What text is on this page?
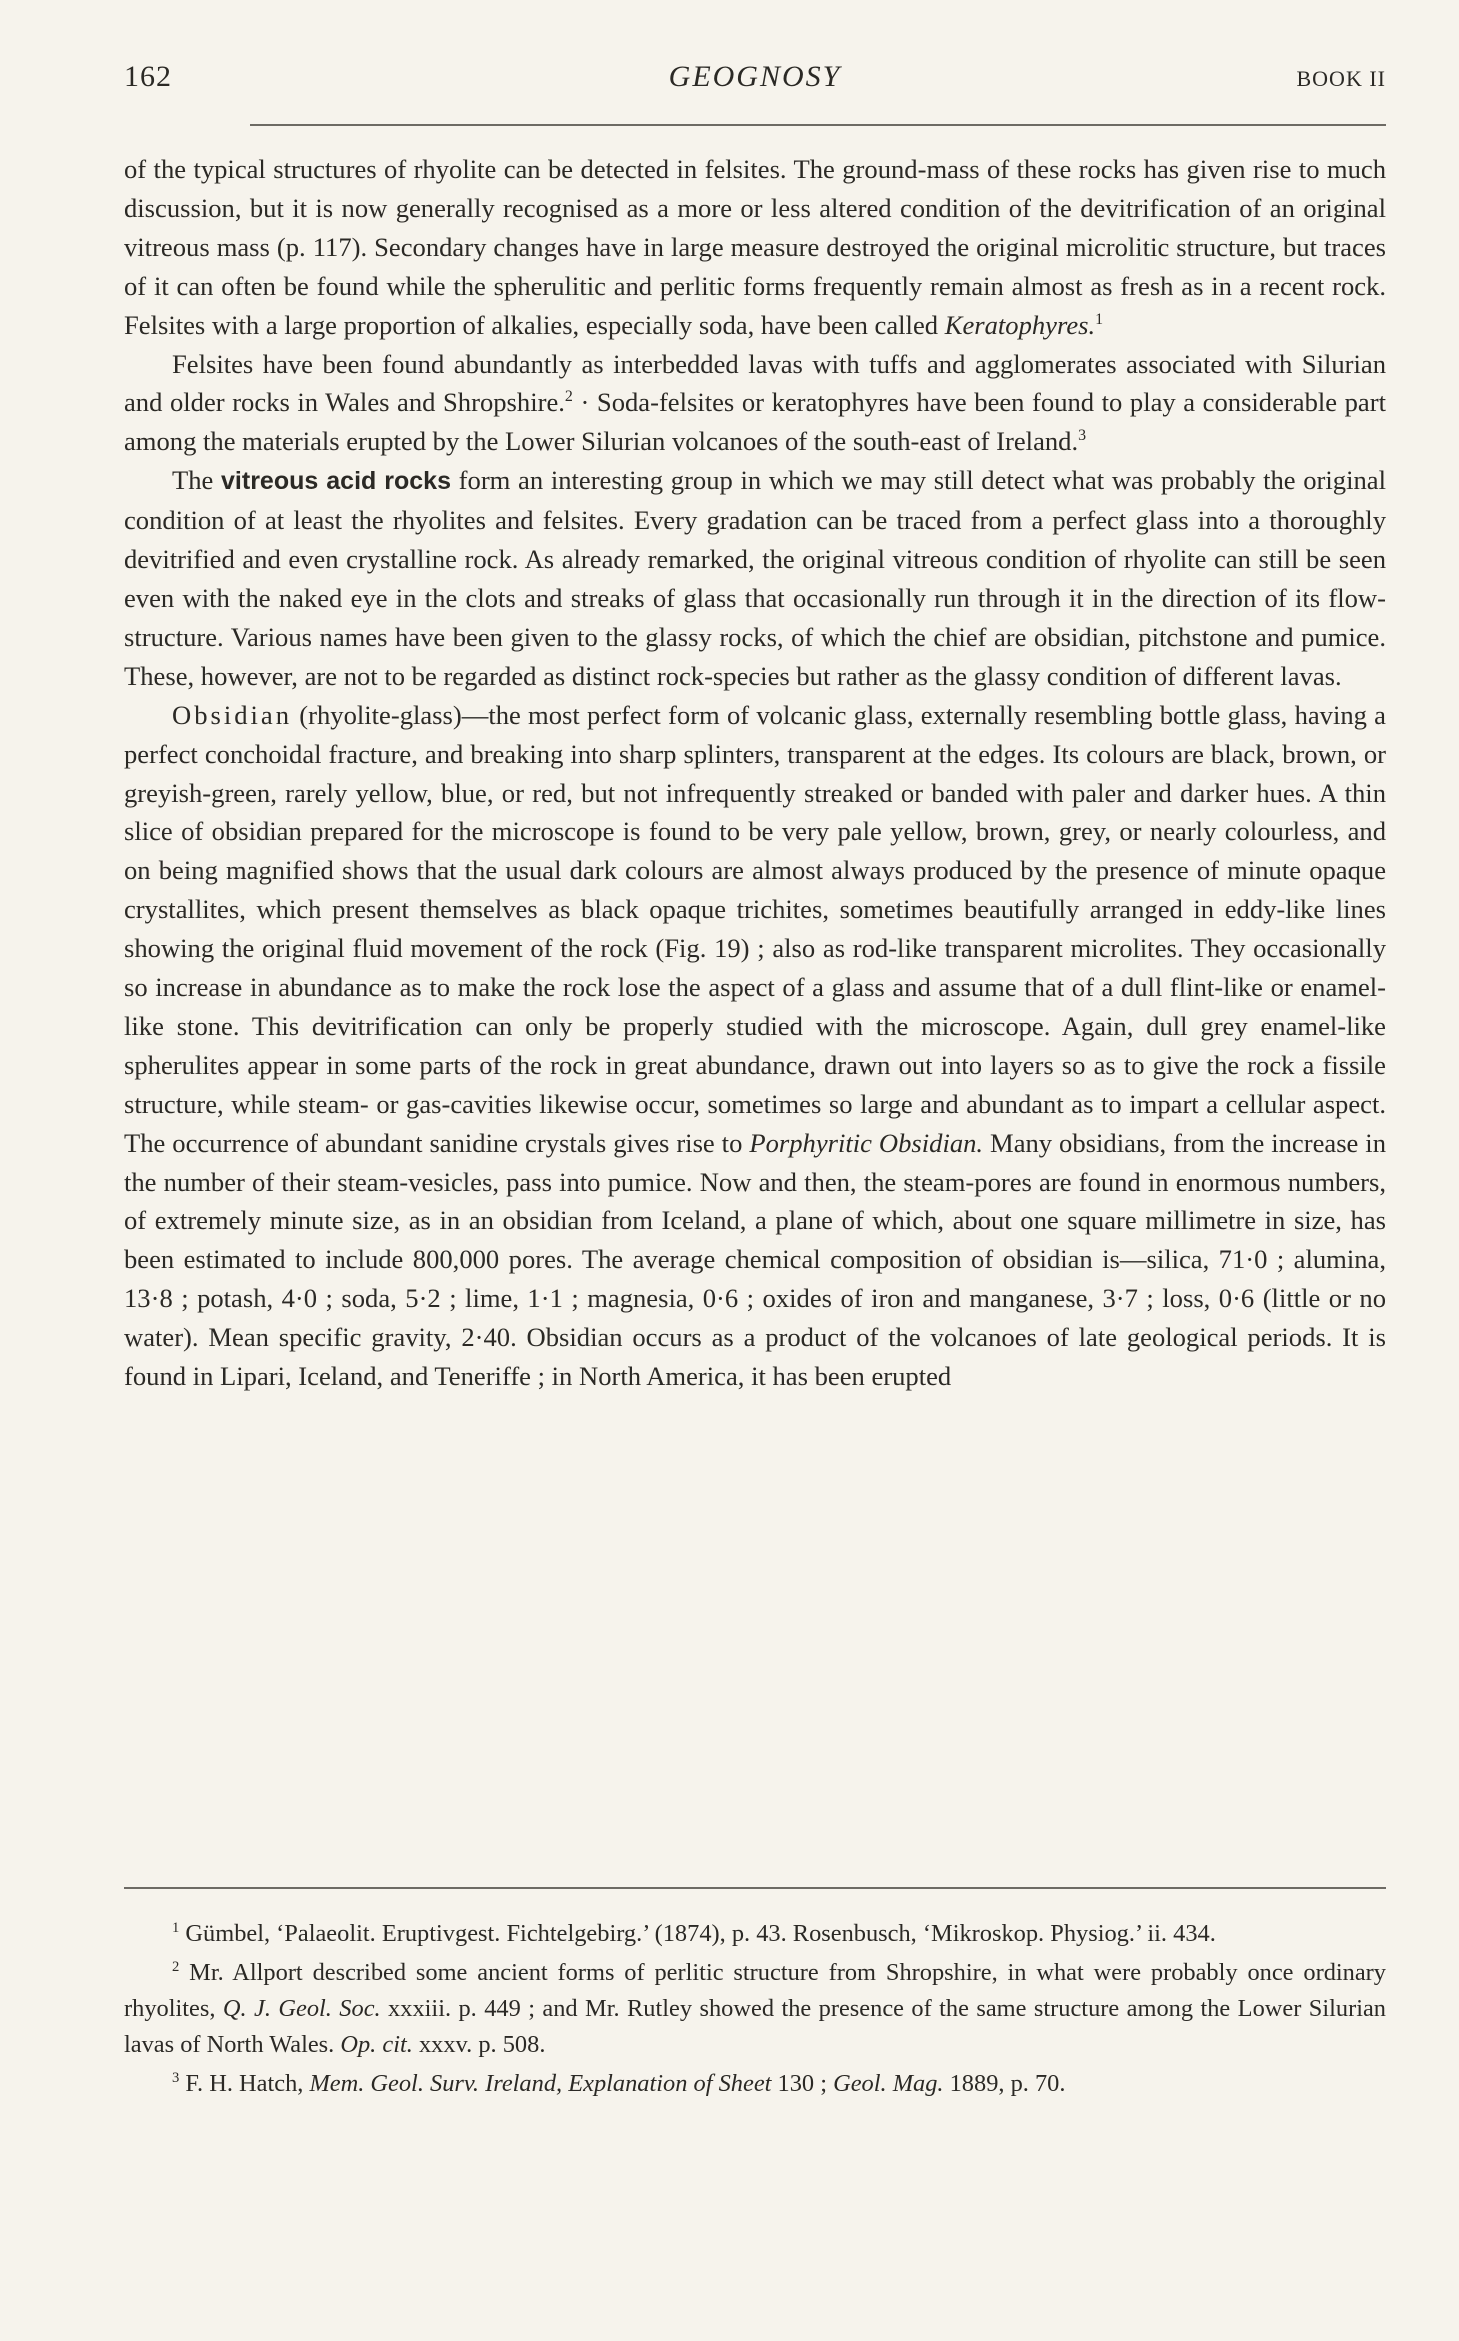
162	GEOGNOSY	BOOK II

of the typical structures of rhyolite can be detected in felsites. The ground-mass of these rocks has given rise to much discussion, but it is now generally recognised as a more or less altered condition of the devitrification of an original vitreous mass (p. 117). Secondary changes have in large measure destroyed the original microlitic structure, but traces of it can often be found while the spherulitic and perlitic forms frequently remain almost as fresh as in a recent rock. Felsites with a large proportion of alkalies, especially soda, have been called Keratophyres.$^1$

Felsites have been found abundantly as interbedded lavas with tuffs and agglomerates associated with Silurian and older rocks in Wales and Shropshire.$^2$ · Soda-felsites or keratophyres have been found to play a considerable part among the materials erupted by the Lower Silurian volcanoes of the south-east of Ireland.$^3$

The vitreous acid rocks form an interesting group in which we may still detect what was probably the original condition of at least the rhyolites and felsites. Every gradation can be traced from a perfect glass into a thoroughly devitrified and even crystalline rock. As already remarked, the original vitreous condition of rhyolite can still be seen even with the naked eye in the clots and streaks of glass that occasionally run through it in the direction of its flow-structure. Various names have been given to the glassy rocks, of which the chief are obsidian, pitchstone and pumice. These, however, are not to be regarded as distinct rock-species but rather as the glassy condition of different lavas.

Obsidian (rhyolite-glass)—the most perfect form of volcanic glass, externally resembling bottle glass, having a perfect conchoidal fracture, and breaking into sharp splinters, transparent at the edges. Its colours are black, brown, or greyish-green, rarely yellow, blue, or red, but not infrequently streaked or banded with paler and darker hues. A thin slice of obsidian prepared for the microscope is found to be very pale yellow, brown, grey, or nearly colourless, and on being magnified shows that the usual dark colours are almost always produced by the presence of minute opaque crystallites, which present themselves as black opaque trichites, sometimes beautifully arranged in eddy-like lines showing the original fluid movement of the rock (Fig. 19) ; also as rod-like transparent microlites. They occasionally so increase in abundance as to make the rock lose the aspect of a glass and assume that of a dull flint-like or enamel-like stone. This devitrification can only be properly studied with the microscope. Again, dull grey enamel-like spherulites appear in some parts of the rock in great abundance, drawn out into layers so as to give the rock a fissile structure, while steam- or gas-cavities likewise occur, sometimes so large and abundant as to impart a cellular aspect. The occurrence of abundant sanidine crystals gives rise to Porphyritic Obsidian. Many obsidians, from the increase in the number of their steam-vesicles, pass into pumice. Now and then, the steam-pores are found in enormous numbers, of extremely minute size, as in an obsidian from Iceland, a plane of which, about one square millimetre in size, has been estimated to include 800,000 pores. The average chemical composition of obsidian is—silica, 71·0 ; alumina, 13·8 ; potash, 4·0 ; soda, 5·2 ; lime, 1·1 ; magnesia, 0·6 ; oxides of iron and manganese, 3·7 ; loss, 0·6 (little or no water). Mean specific gravity, 2·40. Obsidian occurs as a product of the volcanoes of late geological periods. It is found in Lipari, Iceland, and Teneriffe ; in North America, it has been erupted

$^1$ Gümbel, ‘Palaeolit. Eruptivgest. Fichtelgebirg.’ (1874), p. 43. Rosenbusch, ‘Mikroskop. Physiog.’ ii. 434.

$^2$ Mr. Allport described some ancient forms of perlitic structure from Shropshire, in what were probably once ordinary rhyolites, Q. J. Geol. Soc. xxxiii. p. 449 ; and Mr. Rutley showed the presence of the same structure among the Lower Silurian lavas of North Wales. Op. cit. xxxv. p. 508.

$^3$ F. H. Hatch, Mem. Geol. Surv. Ireland, Explanation of Sheet 130 ; Geol. Mag. 1889, p. 70.
